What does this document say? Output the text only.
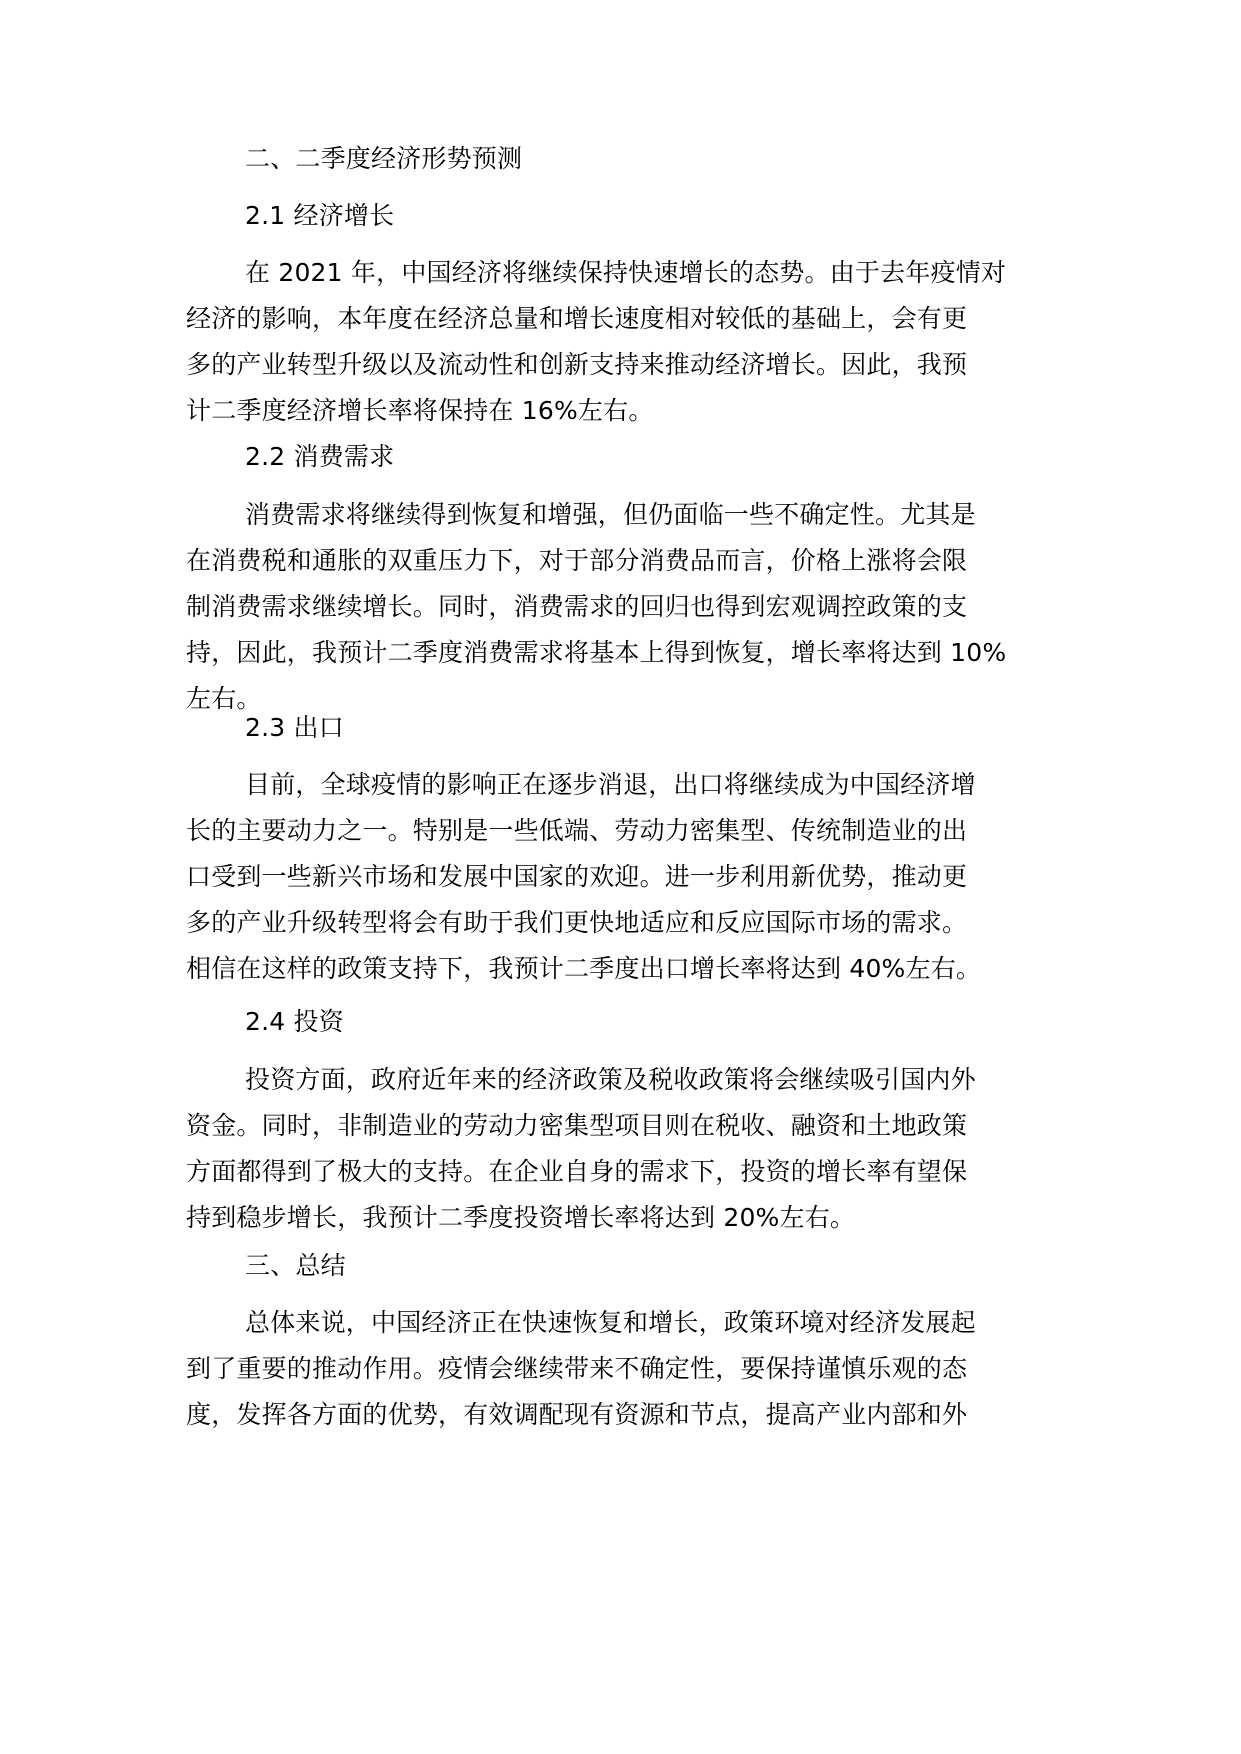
二、二季度经济形势预测
2.1 经济增长
在 2021 年，中国经济将继续保持快速增长的态势。由于去年疫情对
经济的影响，本年度在经济总量和增长速度相对较低的基础上，会有更
多的产业转型升级以及流动性和创新支持来推动经济增长。因此，我预
计二季度经济增长率将保持在 16%左右。
2.2 消费需求
消费需求将继续得到恢复和增强，但仍面临一些不确定性。尤其是
在消费税和通胀的双重压力下，对于部分消费品而言，价格上涨将会限
制消费需求继续增长。同时，消费需求的回归也得到宏观调控政策的支
持，因此，我预计二季度消费需求将基本上得到恢复，增长率将达到 10%
左右。
2.3 出口
目前，全球疫情的影响正在逐步消退，出口将继续成为中国经济增
长的主要动力之一。特别是一些低端、劳动力密集型、传统制造业的出
口受到一些新兴市场和发展中国家的欢迎。进一步利用新优势，推动更
多的产业升级转型将会有助于我们更快地适应和反应国际市场的需求。
相信在这样的政策支持下，我预计二季度出口增长率将达到 40%左右。
2.4 投资
投资方面，政府近年来的经济政策及税收政策将会继续吸引国内外
资金。同时，非制造业的劳动力密集型项目则在税收、融资和土地政策
方面都得到了极大的支持。在企业自身的需求下，投资的增长率有望保
持到稳步增长，我预计二季度投资增长率将达到 20%左右。
三、总结
总体来说，中国经济正在快速恢复和增长，政策环境对经济发展起
到了重要的推动作用。疫情会继续带来不确定性，要保持谨慎乐观的态
度，发挥各方面的优势，有效调配现有资源和节点，提高产业内部和外
